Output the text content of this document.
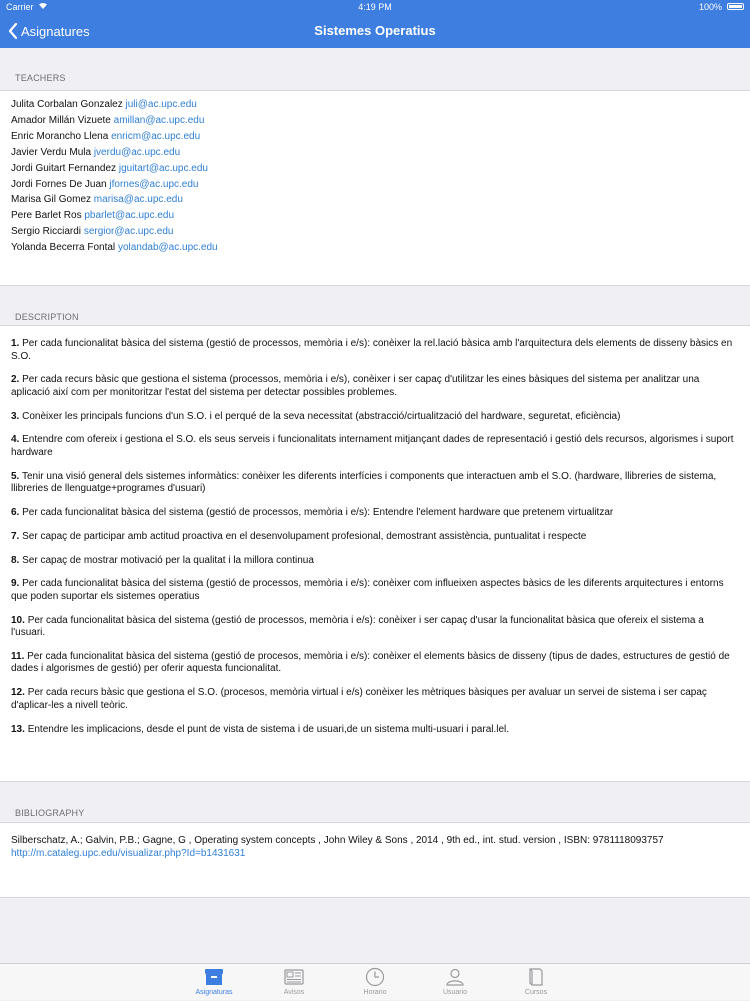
Carrier	4:19 PM	100%
Asignatures	Sistemes Operatius
TEACHERS
Julita Corbalan Gonzalez juli@ac.upc.edu
Amador Millán Vizuete amillan@ac.upc.edu
Enric Morancho Llena enricm@ac.upc.edu
Javier Verdu Mula jverdu@ac.upc.edu
Jordi Guitart Fernandez jguitart@ac.upc.edu
Jordi Fornes De Juan jfornes@ac.upc.edu
Marisa Gil Gomez marisa@ac.upc.edu
Pere Barlet Ros pbarlet@ac.upc.edu
Sergio Ricciardi sergior@ac.upc.edu
Yolanda Becerra Fontal yolandab@ac.upc.edu
DESCRIPTION
1. Per cada funcionalitat bàsica del sistema (gestió de processos, memòria i e/s): conèixer la rel.lació bàsica amb l'arquitectura dels elements de disseny bàsics en S.O.
2. Per cada recurs bàsic que gestiona el sistema (processos, memòria i e/s), conèixer i ser capaç d'utilitzar les eines bàsiques del sistema per analitzar una aplicació així com per monitoritzar l'estat del sistema per detectar possibles problemes.
3. Conèixer les principals funcions d'un S.O. i el perqué de la seva necessitat (abstracció/cirtualització del hardware, seguretat, eficiència)
4. Entendre com ofereix i gestiona el S.O. els seus serveis i funcionalitats internament mitjançant dades de representació i gestió dels recursos, algorismes i suport hardware
5. Tenir una visió general dels sistemes informàtics: conèixer les diferents interfícies i components que interactuen amb el S.O. (hardware, llibreries de sistema, llibreries de llenguatge+programes d'usuari)
6. Per cada funcionalitat bàsica del sistema (gestió de processos, memòria i e/s): Entendre l'element hardware que pretenem virtualitzar
7. Ser capaç de participar amb actitud proactiva en el desenvolupament profesional, demostrant assistència, puntualitat i respecte
8. Ser capaç de mostrar motivació per la qualitat i la millora continua
9. Per cada funcionalitat bàsica del sistema (gestió de processos, memòria i e/s): conèixer com influeixen aspectes bàsics de les diferents arquitectures i entorns que poden suportar els sistemes operatius
10. Per cada funcionalitat bàsica del sistema (gestió de processos, memòria i e/s): conèixer i ser capaç d'usar la funcionalitat bàsica que ofereix el sistema a l'usuari.
11. Per cada funcionalitat bàsica del sistema (gestió de procesos, memòria i e/s): conèixer el elements bàsics de disseny (tipus de dades, estructures de gestió de dades i algorismes de gestió) per oferir aquesta funcionalitat.
12. Per cada recurs bàsic que gestiona el S.O. (procesos, memòria virtual i e/s) conèixer les mètriques bàsiques per avaluar un servei de sistema i ser capaç d'aplicar-les a nivell teòric.
13. Entendre les implicacions, desde el punt de vista de sistema i de usuari,de un sistema multi-usuari i paral.lel.
BIBLIOGRAPHY
Silberschatz, A.; Galvin, P.B.; Gagne, G , Operating system concepts , John Wiley & Sons , 2014 , 9th ed., int. stud. version , ISBN: 9781118093757 http://m.cataleg.upc.edu/visualizar.php?Id=b1431631
Asignaturas	Avisos	Horario	Usuario	Cursos
